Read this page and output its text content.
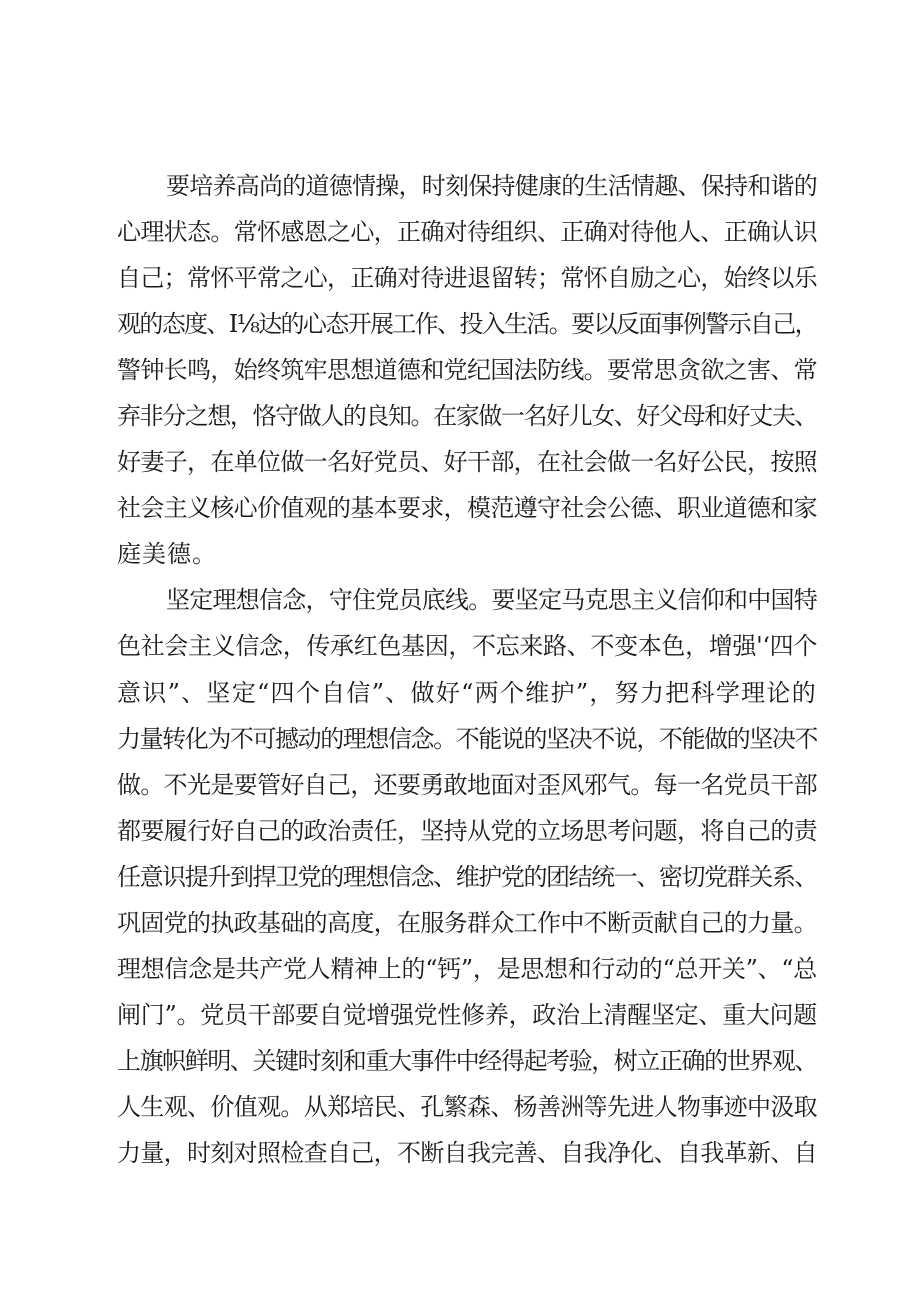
要培养高尚的道德情操，时刻保持健康的生活情趣、保持和谐的
心理状态。常怀感恩之心，正确对待组织、正确对待他人、正确认识
自己；常怀平常之心，正确对待进退留转；常怀自励之心，始终以乐
观的态度、I⅛达的心态开展工作、投入生活。要以反面事例警示自己，
警钟长鸣，始终筑牢思想道德和党纪国法防线。要常思贪欲之害、常
弃非分之想，恪守做人的良知。在家做一名好儿女、好父母和好丈夫、
好妻子，在单位做一名好党员、好干部，在社会做一名好公民，按照
社会主义核心价值观的基本要求，模范遵守社会公德、职业道德和家
庭美德。
坚定理想信念，守住党员底线。要坚定马克思主义信仰和中国特
色社会主义信念，传承红色基因，不忘来路、不变本色，增强'‘四个
意识”、坚定“四个自信”、做好“两个维护”，努力把科学理论的
力量转化为不可撼动的理想信念。不能说的坚决不说，不能做的坚决不
做。不光是要管好自己，还要勇敢地面对歪风邪气。每一名党员干部
都要履行好自己的政治责任，坚持从党的立场思考问题，将自己的责
任意识提升到捍卫党的理想信念、维护党的团结统一、密切党群关系、
巩固党的执政基础的高度，在服务群众工作中不断贡献自己的力量。
理想信念是共产党人精神上的“钙”，是思想和行动的“总开关”、“总
闸门”。党员干部要自觉增强党性修养，政治上清醒坚定、重大问题
上旗帜鲜明、关键时刻和重大事件中经得起考验，树立正确的世界观、
人生观、价值观。从郑培民、孔繁森、杨善洲等先进人物事迹中汲取
力量，时刻对照检查自己，不断自我完善、自我净化、自我革新、自
